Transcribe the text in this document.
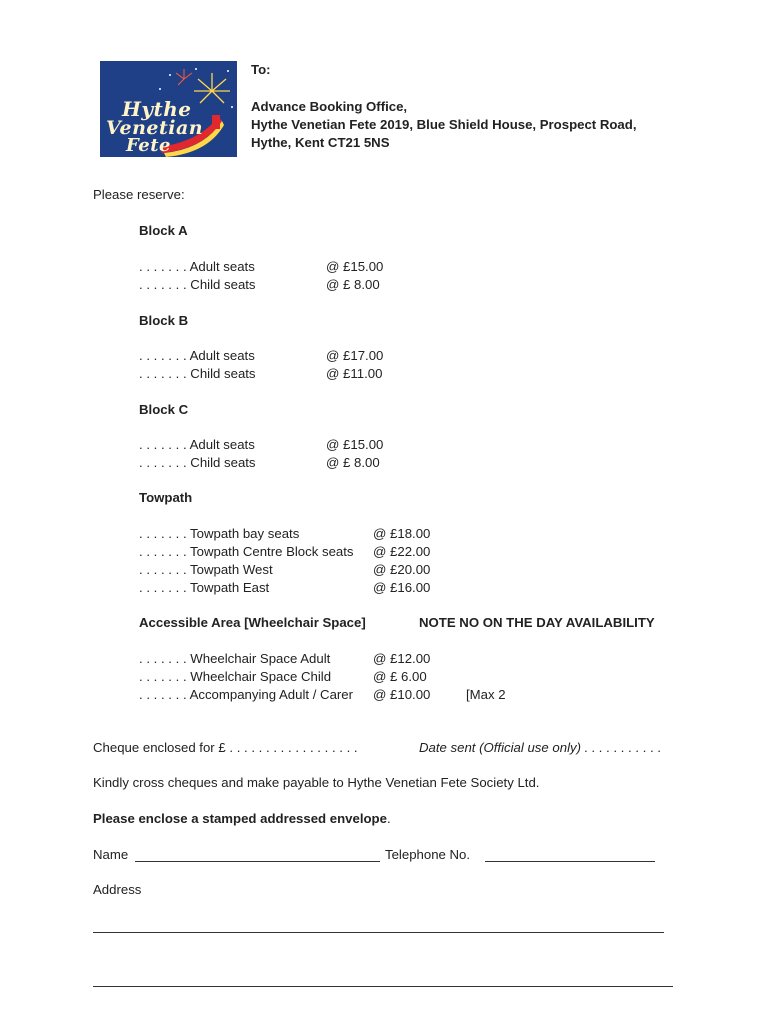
Hythe
Venetian
Fete
To:
Advance Booking Office,
Hythe Venetian Fete 2019, Blue Shield House, Prospect Road,
Hythe, Kent CT21 5NS
Please reserve:
Block A
. . . . . . . Adult seats	@ £15.00
. . . . . . . Child seats	@ £ 8.00
Block B
. . . . . . . Adult seats	@ £17.00
. . . . . . . Child seats	@ £11.00
Block C
. . . . . . . Adult seats	@ £15.00
. . . . . . . Child seats	@ £ 8.00
Towpath
. . . . . . . Towpath bay seats	@ £18.00
. . . . . . . Towpath Centre Block seats @ £22.00
. . . . . . . Towpath West	@ £20.00
. . . . . . . Towpath East	@ £16.00
Accessible Area [Wheelchair Space]	NOTE NO ON THE DAY AVAILABILITY
. . . . . . . Wheelchair Space Adult	@ £12.00
. . . . . . . Wheelchair Space Child	@ £ 6.00
. . . . . . . Accompanying Adult / Carer @ £10.00	[Max 2
Cheque enclosed for £ . . . . . . . . . . . . . . . . . .	Date sent (Official use only) . . . . . . . . . . .
Kindly cross cheques and make payable to Hythe Venetian Fete Society Ltd.
Please enclose a stamped addressed envelope.
Name	Telephone No.
Address
